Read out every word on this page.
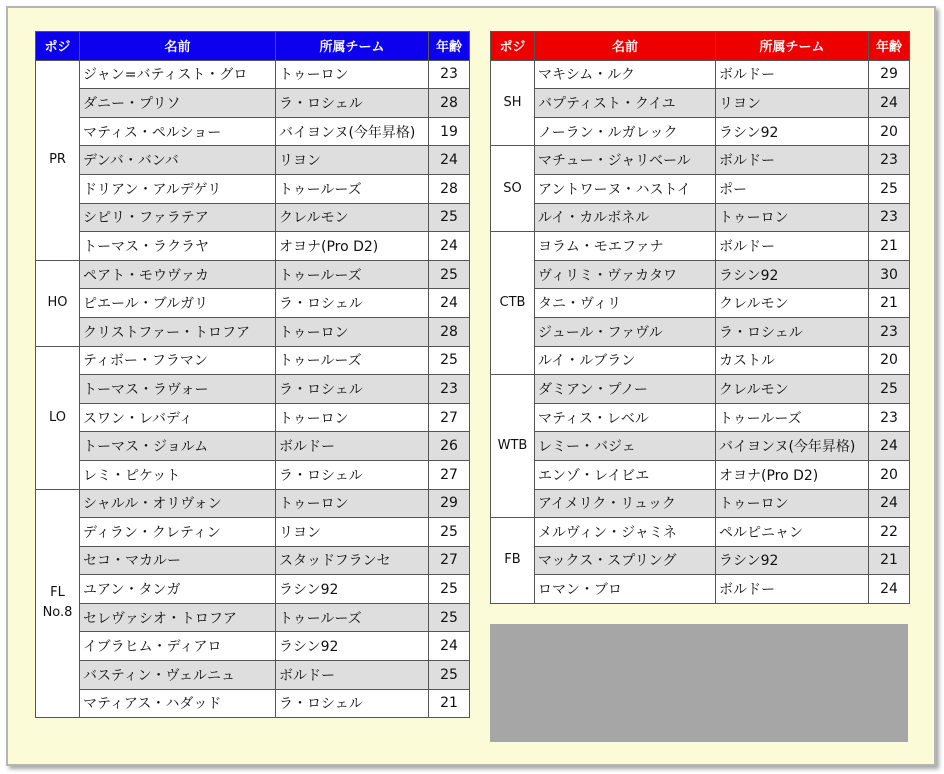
ポジ	名前	所属チーム	年齢
PR	ジャン=バティスト・グロ	トゥーロン	23
	ダニー・プリソ	ラ・ロシェル	28
	マティス・ペルショー	バイヨンヌ(今年昇格)	19
	デンバ・バンバ	リヨン	24
	ドリアン・アルデゲリ	トゥールーズ	28
	シピリ・ファラテア	クレルモン	25
	トーマス・ラクラヤ	オヨナ(Pro D2)	24
HO	ペアト・モウヴァカ	トゥールーズ	25
	ピエール・ブルガリ	ラ・ロシェル	24
	クリストファー・トロフア	トゥーロン	28
LO	ティボー・フラマン	トゥールーズ	25
	トーマス・ラヴォー	ラ・ロシェル	23
	スワン・レバディ	トゥーロン	27
	トーマス・ジョルム	ボルドー	26
	レミ・ピケット	ラ・ロシェル	27
FL
No.8	シャルル・オリヴォン	トゥーロン	29
	ディラン・クレティン	リヨン	25
	セコ・マカルー	スタッドフランセ	27
	ユアン・タンガ	ラシン92	25
	セレヴァシオ・トロフア	トゥールーズ	25
	イブラヒム・ディアロ	ラシン92	24
	バスティン・ヴェルニュ	ボルドー	25
	マティアス・ハダッド	ラ・ロシェル	21
ポジ	名前	所属チーム	年齢
SH	マキシム・ルク	ボルドー	29
	バプティスト・クイユ	リヨン	24
	ノーラン・ルガレック	ラシン92	20
SO	マチュー・ジャリベール	ボルドー	23
	アントワーヌ・ハストイ	ポー	25
	ルイ・カルボネル	トゥーロン	23
CTB	ヨラム・モエファナ	ボルドー	21
	ヴィリミ・ヴァカタワ	ラシン92	30
	タニ・ヴィリ	クレルモン	21
	ジュール・ファヴル	ラ・ロシェル	23
	ルイ・ルブラン	カストル	20
WTB	ダミアン・プノー	クレルモン	25
	マティス・レベル	トゥールーズ	23
	レミー・バジェ	バイヨンヌ(今年昇格)	24
	エンゾ・レイビエ	オヨナ(Pro D2)	20
	アイメリク・リュック	トゥーロン	24
FB	メルヴィン・ジャミネ	ペルピニャン	22
	マックス・スプリング	ラシン92	21
	ロマン・ブロ	ボルドー	24
